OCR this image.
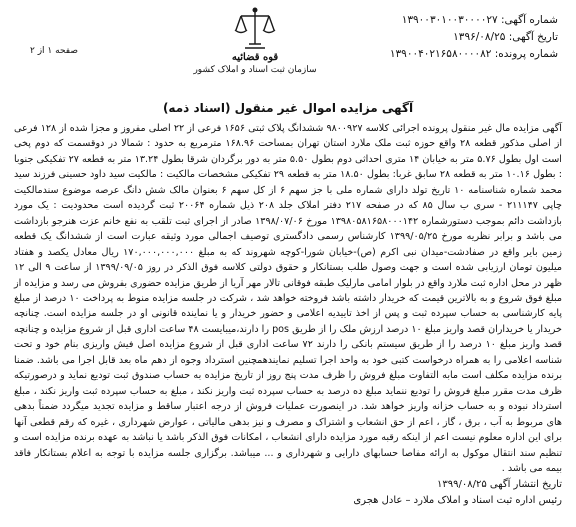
شماره آگهی: ۱۳۹۰۰۳۰۱۰۰۳۰۰۰۰۲۷
تاریخ آگهی: ۱۳۹۶/۰۸/۲۵
شماره پرونده: ۱۳۹۰۰۴۰۲۱۶۵۸۰۰۰۰۸۲
قوه قضائیه
سازمان ثبت اسناد و املاک کشور
صفحه ۱ از ۲
آگهی مزایده اموال غیر منقول (اسناد ذمه)

آگهی مزایده مال غیر منقول پرونده اجرائی کلاسه ۹۸۰۰۹۲۷ ششدانگ پلاک ثبتی ۱۶۵۶ فرعی از ۲۲ اصلی مفروز و مجزا شده از ۱۲۸ فرعی از اصلی مذکور قطعه ۲۸ واقع حوزه ثبت ملک ملارد استان تهران بمساحت ۱۶۸.۹۶ مترمربع به حدود : شمالا در دوقسمت که دوم پخی است اول بطول ۵.۷۶ متر به خیابان ۱۴ متری احداثی دوم بطول ۵.۵۰ متر به دور برگردان شرقا بطول ۱۳.۲۴ متر به قطعه ۲۷ تفکیکی جنوبا : بطول ۱۰.۱۶ متر به قطعه ۲۸ سابق غربا: بطول ۱۸.۵۰ متر به قطعه ۲۹ تفکیکی مشخصات مالکیت : مالکیت سید داود حسینی فرزند سید محمد شماره شناسنامه ۱۰ تاریخ تولد دارای شماره ملی با جز سهم ۶ از کل سهم ۶ بعنوان مالک شش دانگ عرصه موضوع سندمالکیت چاپی ۲۱۱۱۴۷ - سری ب سال ۸۵ که در صفحه ۲۱۷ دفتر املاک جلد ۲۰۸ ذیل شماره ۲۰۰۶۴ ثبت گردیده است محدودیت : یک مورد بازداشت دائم بموجب دستورشماره ۱۳۹۸۰۵۸۱۶۵۸۰۰۰۱۴۲ مورخ ۱۳۹۸/۰۷/۰۶ صادر از اجرای ثبت تلقب به نفع خانم عزت هنرجو بازداشت می باشد و برابر نظریه مورخ ۱۳۹۹/۰۵/۲۵ کارشناس رسمی دادگستری توصیف اجمالی مورد وثیقه عبارت است از ششدانگ یک قطعه زمین بایر واقع در صفادشت-میدان نبی اکرم (ص)-خیابان شورا-کوچه شهروند که به مبلغ ۱۷۰,۰۰۰,۰۰۰,۰۰۰ ریال معادل یکصد و هفتاد میلیون تومان ارزیابی شده است و جهت وصول طلب بستانکار و حقوق دولتی کلاسه فوق الذکر در روز ۱۳۹۹/۰۹/۰۵ از ساعت ۹ الی ۱۲ ظهر در محل اداره ثبت ملارد واقع در بلوار امامی مارلیک طبقه فوقانی تالار مهر آریا از طریق مزایده حضوری بفروش می رسد و مزایده از مبلغ فوق شروع و به بالاترین قیمت که خریدار داشته باشد فروخته خواهد شد ، شرکت در جلسه مزایده منوط به پرداخت ۱۰ درصد از مبلغ پایه کارشناسی به حساب سپرده ثبت و پس از اخذ تاییدیه اعلامی و حضور خریدار و یا نماینده قانونی او در جلسه مزایده است. چنانچه خریدار یا خریداران قصد واریز مبلغ ۱۰ درصد ارزش ملک را از طریق pos را دارند،میبایست ۴۸ ساعت اداری قبل از شروع مزایده و چنانچه قصد واریز مبلغ ۱۰ درصد را از طریق سیستم بانکی را دارند ۷۲ ساعت اداری قبل از شروع مزایده اصل فیش واریزی بنام خود و تحت شناسه اعلامی را به همراه درخواست کتبی خود به واحد اجرا تسلیم نمایندهمچنین استرداد وجوه از دهم ماه بعد قابل اجرا می باشد. ضمنا برنده مزایده مکلف است مابه التفاوت مبلغ فروش را ظرف مدت پنج روز از تاریخ مزایده به حساب صندوق ثبت تودیع نماید و درصورتیکه ظرف مدت مقرر مبلغ فروش را تودیع ننماید مبلغ ده درصد به حساب سپرده ثبت واریز نکند ، مبلغ به حساب سپرده ثبت واریز نکند ، مبلغ استرداد نبوده و به حساب خزانه واریز خواهد شد. در اینصورت عملیات فروش از درجه اعتبار ساقط و مزایده تجدید میگردد ضمناً بدهی های مربوط به آب ، برق ، گاز ، اعم از حق انشعاب و اشتراک و مصرف و نیز بدهی مالیاتی ، عوارض شهرداری ، غیره که رقم قطعی آنها برای این اداره معلوم نیست اعم از اینکه رقبه مورد مزایده دارای انشعاب ، امکانات فوق الذکر باشد یا نباشد به عهده برنده مزایده است و تنظیم سند انتقال موکول به ارائه مفاصا حسابهای دارایی و شهرداری و ... میباشد. برگزاری جلسه مزایده با توجه به اعلام بستانکار فاقد بیمه می باشد .

تاریخ انتشار آگهی ۱۳۹۹/۰۸/۲۵
رئیس اداره ثبت اسناد و املاک ملارد – عادل هجری
